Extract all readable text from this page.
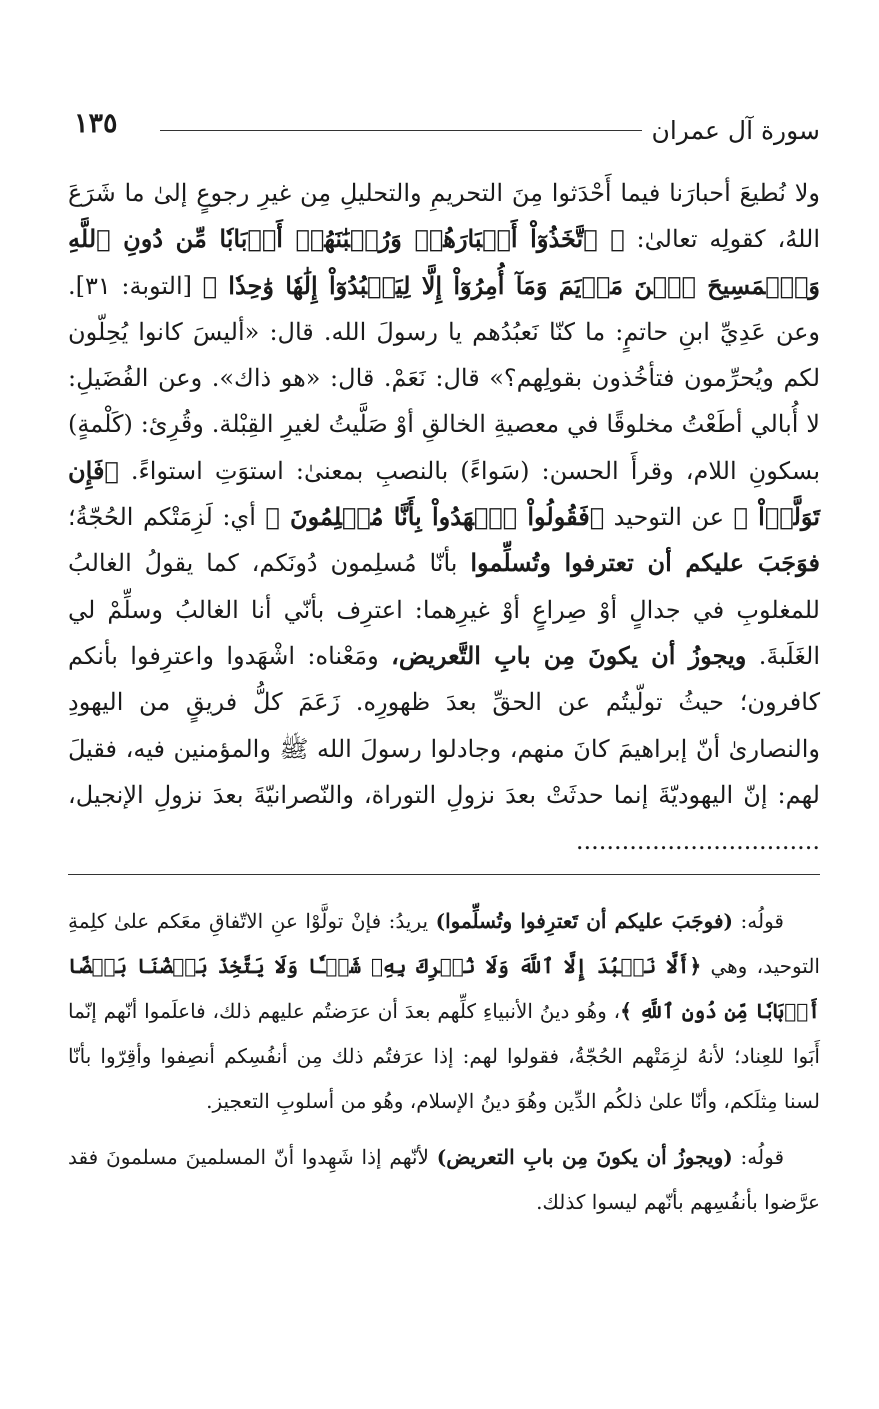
سورة آل عمران
١٣٥

ولا نُطيعَ أحبارَنا فيما أَحْدَثوا مِنَ التحريمِ والتحليلِ مِن غيرِ رجوعٍ إلىٰ ما شَرَعَ اللهُ، كقولِه تعالىٰ: ﴿ ٱتَّخَذُوٓاْ أَحۡبَارَهُمۡ وَرُهۡبَٰنَهُمۡ أَرۡبَابٗا مِّن دُونِ ٱللَّهِ وَٱلۡمَسِيحَ ٱبۡنَ مَرۡيَمَ وَمَآ أُمِرُوٓاْ إِلَّا لِيَعۡبُدُوٓاْ إِلَٰهٗا وَٰحِدٗا ﴾ [التوبة: ٣١]. وعن عَدِيِّ ابنِ حاتمٍ: ما كنّا نَعبُدُهم يا رسولَ الله. قال: «أليسَ كانوا يُحِلّون لكم ويُحرِّمون فتأخُذون بقولِهم؟» قال: نَعَمْ. قال: «هو ذاك». وعن الفُضَيلِ: لا أُبالي أطَعْتُ مخلوقًا في معصيةِ الخالقِ أوْ صَلَّيتُ لغيرِ القِبْلة. وقُرِئ: (كَلْمةٍ) بسكونِ اللام، وقرأَ الحسن: (سَواءً) بالنصبِ بمعنىٰ: استوَتِ استواءً. ﴿فَإِن تَوَلَّوۡاْ ﴾ عن التوحيد ﴿فَقُولُواْ ٱشۡهَدُواْ بِأَنَّا مُسۡلِمُونَ ﴾ أي: لَزِمَتْكم الحُجّةُ؛ فوَجَبَ عليكم أن تعترفوا وتُسلِّموا بأنّا مُسلِمون دُونَكم، كما يقولُ الغالبُ للمغلوبِ في جدالٍ أوْ صِراعٍ أوْ غيرِهما: اعترِف بأنّي أنا الغالبُ وسلِّمْ لي الغَلَبةَ. ويجوزُ أن يكونَ مِن بابِ التَّعريض، ومَعْناه: اشْهَدوا واعترِفوا بأنكم كافرون؛ حيثُ تولّيتُم عن الحقِّ بعدَ ظهورِه. زَعَمَ كلُّ فريقٍ من اليهودِ والنصارىٰ أنّ إبراهيمَ كانَ منهم، وجادلوا رسولَ الله ﷺ والمؤمنين فيه، فقيلَ لهم: إنّ اليهوديّةَ إنما حدثَتْ بعدَ نزولِ التوراة، والنّصرانيّةَ بعدَ نزولِ الإنجيل، ................................

قولُه: (فوجَبَ عليكم أن تَعترِفوا وتُسلِّموا) يريدُ: فإنْ تولَّوْا عنِ الاتّفاقِ معَكم علىٰ كلِمةِ التوحيد، وهي ﴿أَلَّا نَعۡبُدَ إِلَّا ٱللَّهَ وَلَا نُشۡرِكَ بِهِۦ شَيۡـٔٗا وَلَا يَتَّخِذَ بَعۡضُنَا بَعۡضًا أَرۡبَابٗا مِّن دُونِ ٱللَّهِ ﴾، وهُو دينُ الأنبياءِ كلِّهم بعدَ أن عرَضتُم عليهم ذلك، فاعلَموا أنّهم إنّما أَبَوا للعِناد؛ لأنهُ لزِمَتْهم الحُجّةُ، فقولوا لهم: إذا عرَفتُم ذلك مِن أنفُسِكم أنصِفوا وأقِرّوا بأنّا لسنا مِثلَكم، وأنّا علىٰ ذلكُم الدِّين وهُوَ دينُ الإسلام، وهُو من أسلوبِ التعجيز.

قولُه: (ويجوزُ أن يكونَ مِن بابِ التعريض) لأنّهم إذا شَهِدوا أنّ المسلمينَ مسلمونَ فقد عرَّضوا بأنفُسِهم بأنّهم ليسوا كذلك.
